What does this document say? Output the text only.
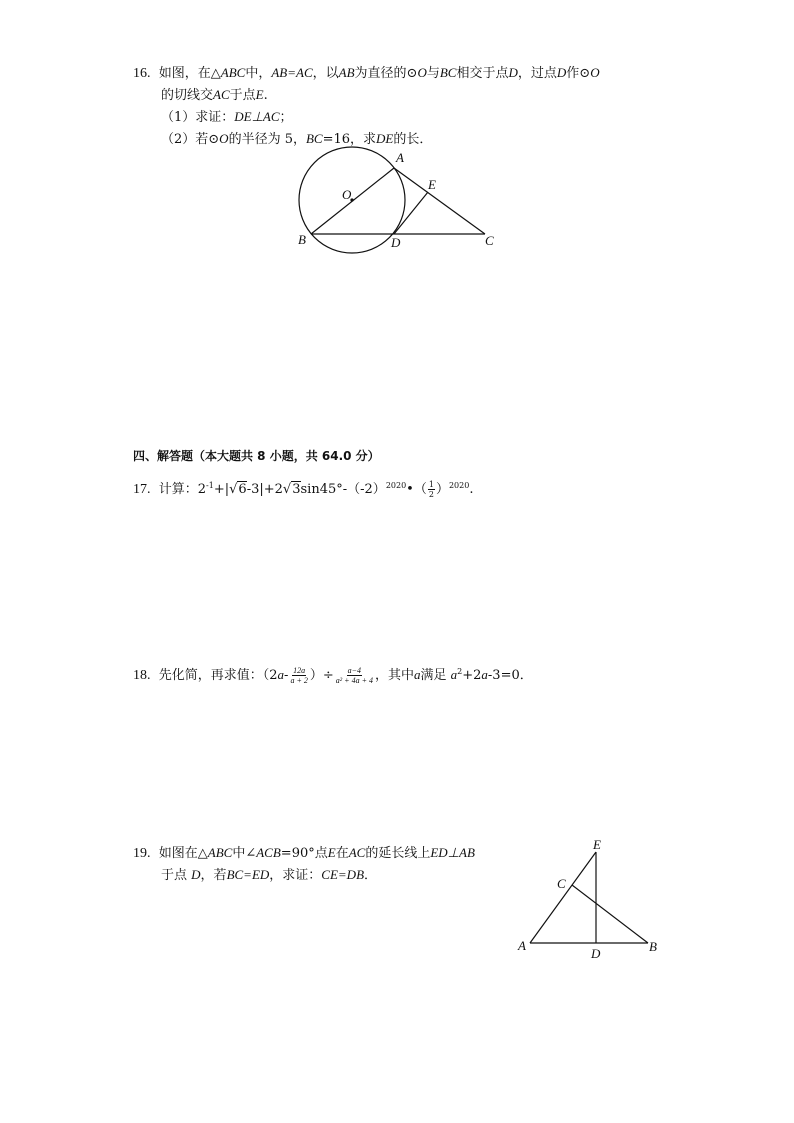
16. 如图，在△ABC中，AB=AC，以AB为直径的⊙O与BC相交于点D，过点D作⊙O
的切线交AC于点E.
（1）求证：DE⊥AC；
（2）若⊙O的半径为 5，BC=16，求DE的长．
A
E
O
B	D	C
四、解答题（本大题共 8 小题，共 64.0 分）
17. 计算：$2^{-1}+|√6-3|+2√3\sin 45^\circ-(-2)^{2020}•( \frac{1}{2} )^{2020}$.
18. 先化简，再求值：（$2a- \frac{12a}{a + 2}$ ）÷ $\frac{a-4}{\text{a² + 4a + 4}}$ ，其中a满足 $a^2+2a-3=0$．
19. 如图在△ABC中∠ACB=90°点E在AC的延长线上ED⊥AB
于点 D，若BC=ED，求证：CE=DB．
E
C
A
D	B
